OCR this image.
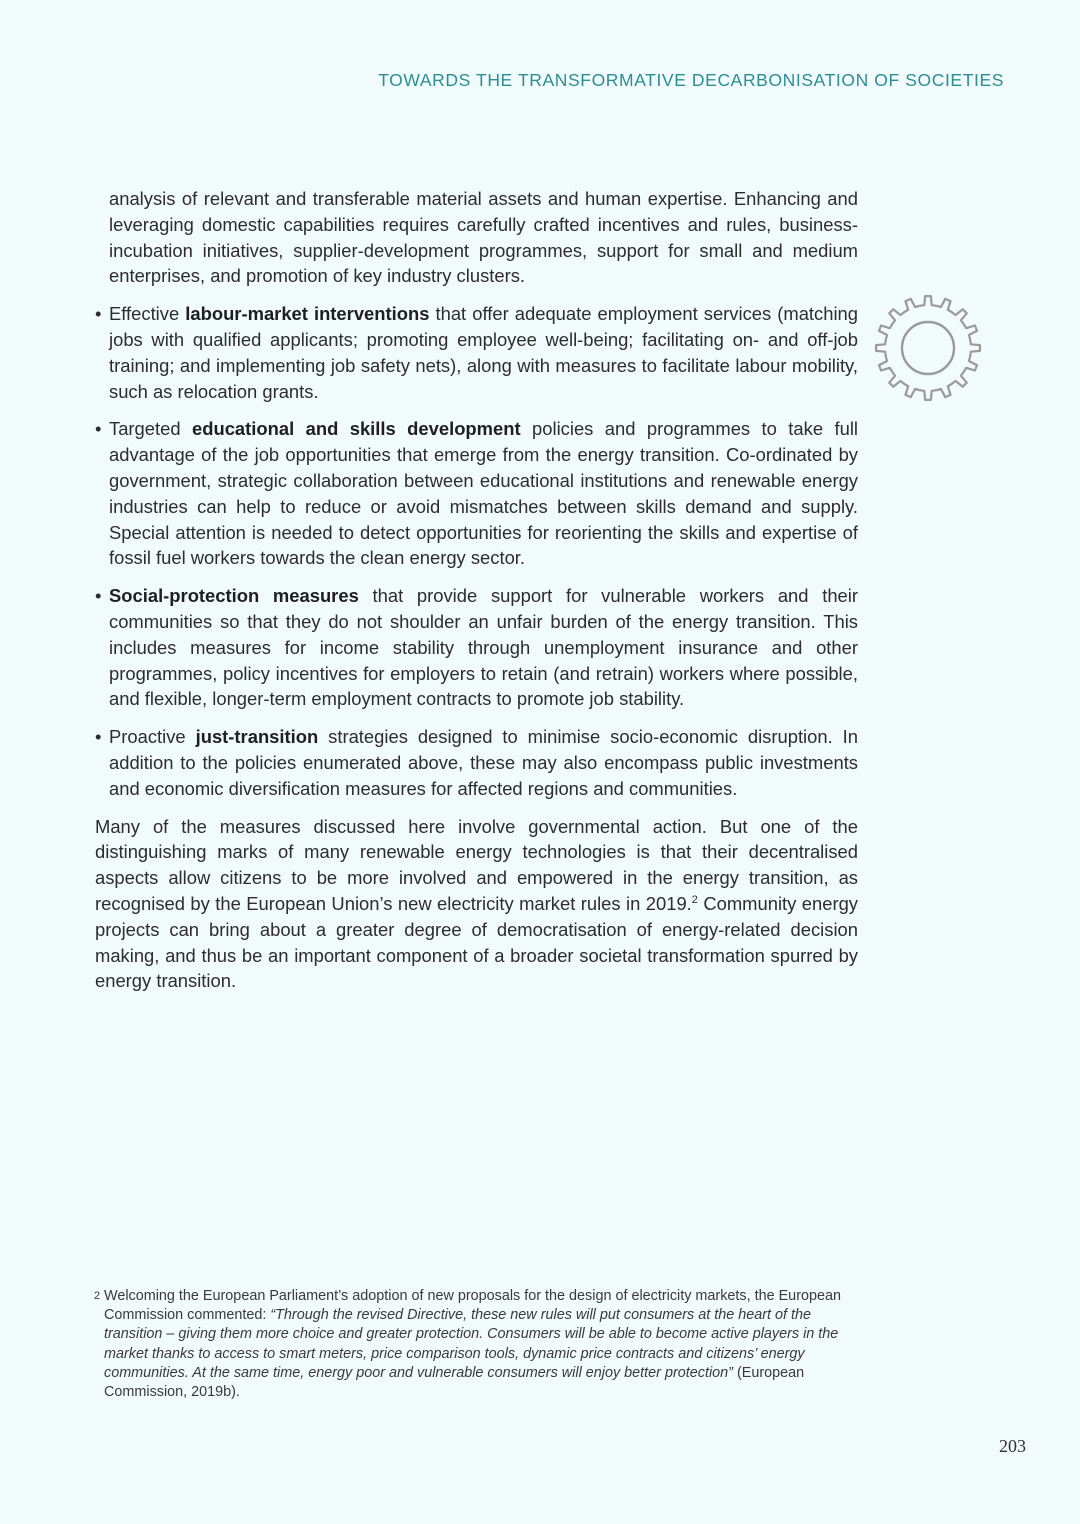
TOWARDS THE TRANSFORMATIVE DECARBONISATION OF SOCIETIES

analysis of relevant and transferable material assets and human expertise. Enhancing and leveraging domestic capabilities requires carefully crafted incentives and rules, business-incubation initiatives, supplier-development programmes, support for small and medium enterprises, and promotion of key industry clusters.

• Effective labour-market interventions that offer adequate employment services (matching jobs with qualified applicants; promoting employee well-being; facilitating on- and off-job training; and implementing job safety nets), along with measures to facilitate labour mobility, such as relocation grants.

• Targeted educational and skills development policies and programmes to take full advantage of the job opportunities that emerge from the energy transition. Co-ordinated by government, strategic collaboration between educational institutions and renewable energy industries can help to reduce or avoid mismatches between skills demand and supply. Special attention is needed to detect opportunities for reorienting the skills and expertise of fossil fuel workers towards the clean energy sector.

• Social-protection measures that provide support for vulnerable workers and their communities so that they do not shoulder an unfair burden of the energy transition. This includes measures for income stability through unemployment insurance and other programmes, policy incentives for employers to retain (and retrain) workers where possible, and flexible, longer-term employment contracts to promote job stability.

• Proactive just-transition strategies designed to minimise socio-economic disruption. In addition to the policies enumerated above, these may also encompass public investments and economic diversification measures for affected regions and communities.

Many of the measures discussed here involve governmental action. But one of the distinguishing marks of many renewable energy technologies is that their decentralised aspects allow citizens to be more involved and empowered in the energy transition, as recognised by the European Union’s new electricity market rules in 2019.$^2$ Community energy projects can bring about a greater degree of democratisation of energy-related decision making, and thus be an important component of a broader societal transformation spurred by energy transition.

2 Welcoming the European Parliament’s adoption of new proposals for the design of electricity markets, the European Commission commented: “Through the revised Directive, these new rules will put consumers at the heart of the transition – giving them more choice and greater protection. Consumers will be able to become active players in the market thanks to access to smart meters, price comparison tools, dynamic price contracts and citizens’ energy communities. At the same time, energy poor and vulnerable consumers will enjoy better protection” (European Commission, 2019b).
203
